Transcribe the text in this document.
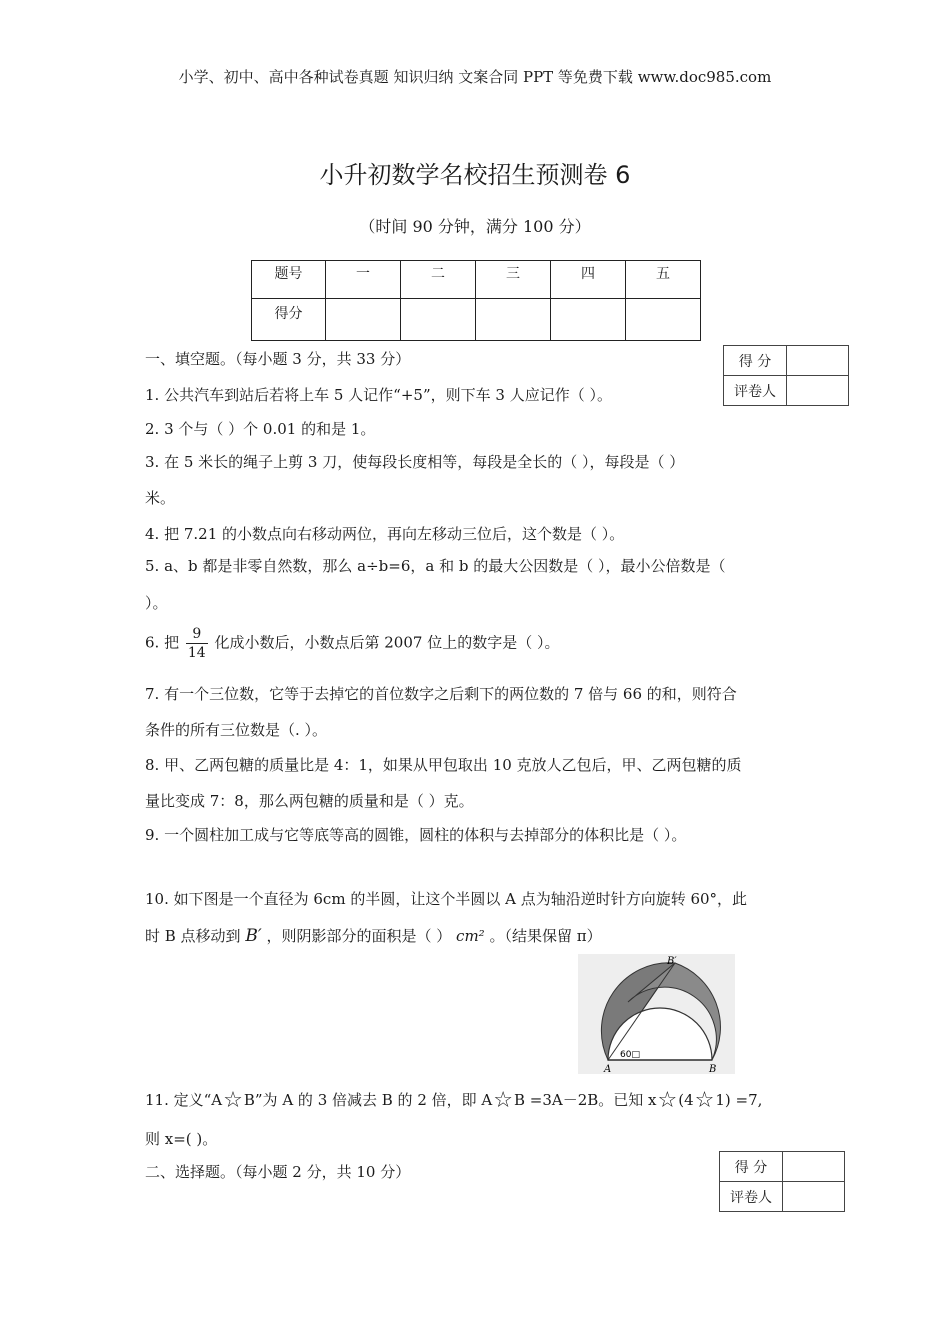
小学、初中、高中各种试卷真题 知识归纳 文案合同 PPT 等免费下载 www.doc985.com
小升初数学名校招生预测卷 6
（时间 90 分钟，满分 100 分）
题号	一	二	三	四	五
得分					
一、填空题。（每小题 3 分，共 33 分）	得 分	
评卷人	
1. 公共汽车到站后若将上车 5 人记作“+5”，则下车 3 人应记作（ ）。
2. 3 个与（ ）个 0.01 的和是 1。
3. 在 5 米长的绳子上剪 3 刀，使每段长度相等，每段是全长的（ ），每段是（ ）
米。
4. 把 7.21 的小数点向右移动两位，再向左移动三位后，这个数是（ ）。
5. a、b 都是非零自然数，那么 a÷b=6，a 和 b 的最大公因数是（ ），最小公倍数是（
）。
6. 把 $\frac{9}{14}$ 化成小数后，小数点后第 2007 位上的数字是（ ）。
7. 有一个三位数，它等于去掉它的首位数字之后剩下的两位数的 7 倍与 66 的和，则符合
条件的所有三位数是（. ）。
8. 甲、乙两包糖的质量比是 4：1，如果从甲包取出 10 克放人乙包后，甲、乙两包糖的质
量比变成 7：8，那么两包糖的质量和是（ ）克。
9. 一个圆柱加工成与它等底等高的圆锥，圆柱的体积与去掉部分的体积比是（ ）。
10. 如下图是一个直径为 6cm 的半圆，让这个半圆以 A 点为轴沿逆时针方向旋转 60°，此
时 B 点移动到 B′ ，则阴影部分的面积是（ ） cm² 。（结果保留 π）
A	B
B′
60□
11. 定义“A☆B”为 A 的 3 倍减去 B 的 2 倍，即 A☆B =3A－2B。已知 x☆(4☆1) =7,
则 x=( )。
二、选择题。（每小题 2 分，共 10 分）	得 分	
评卷人	
